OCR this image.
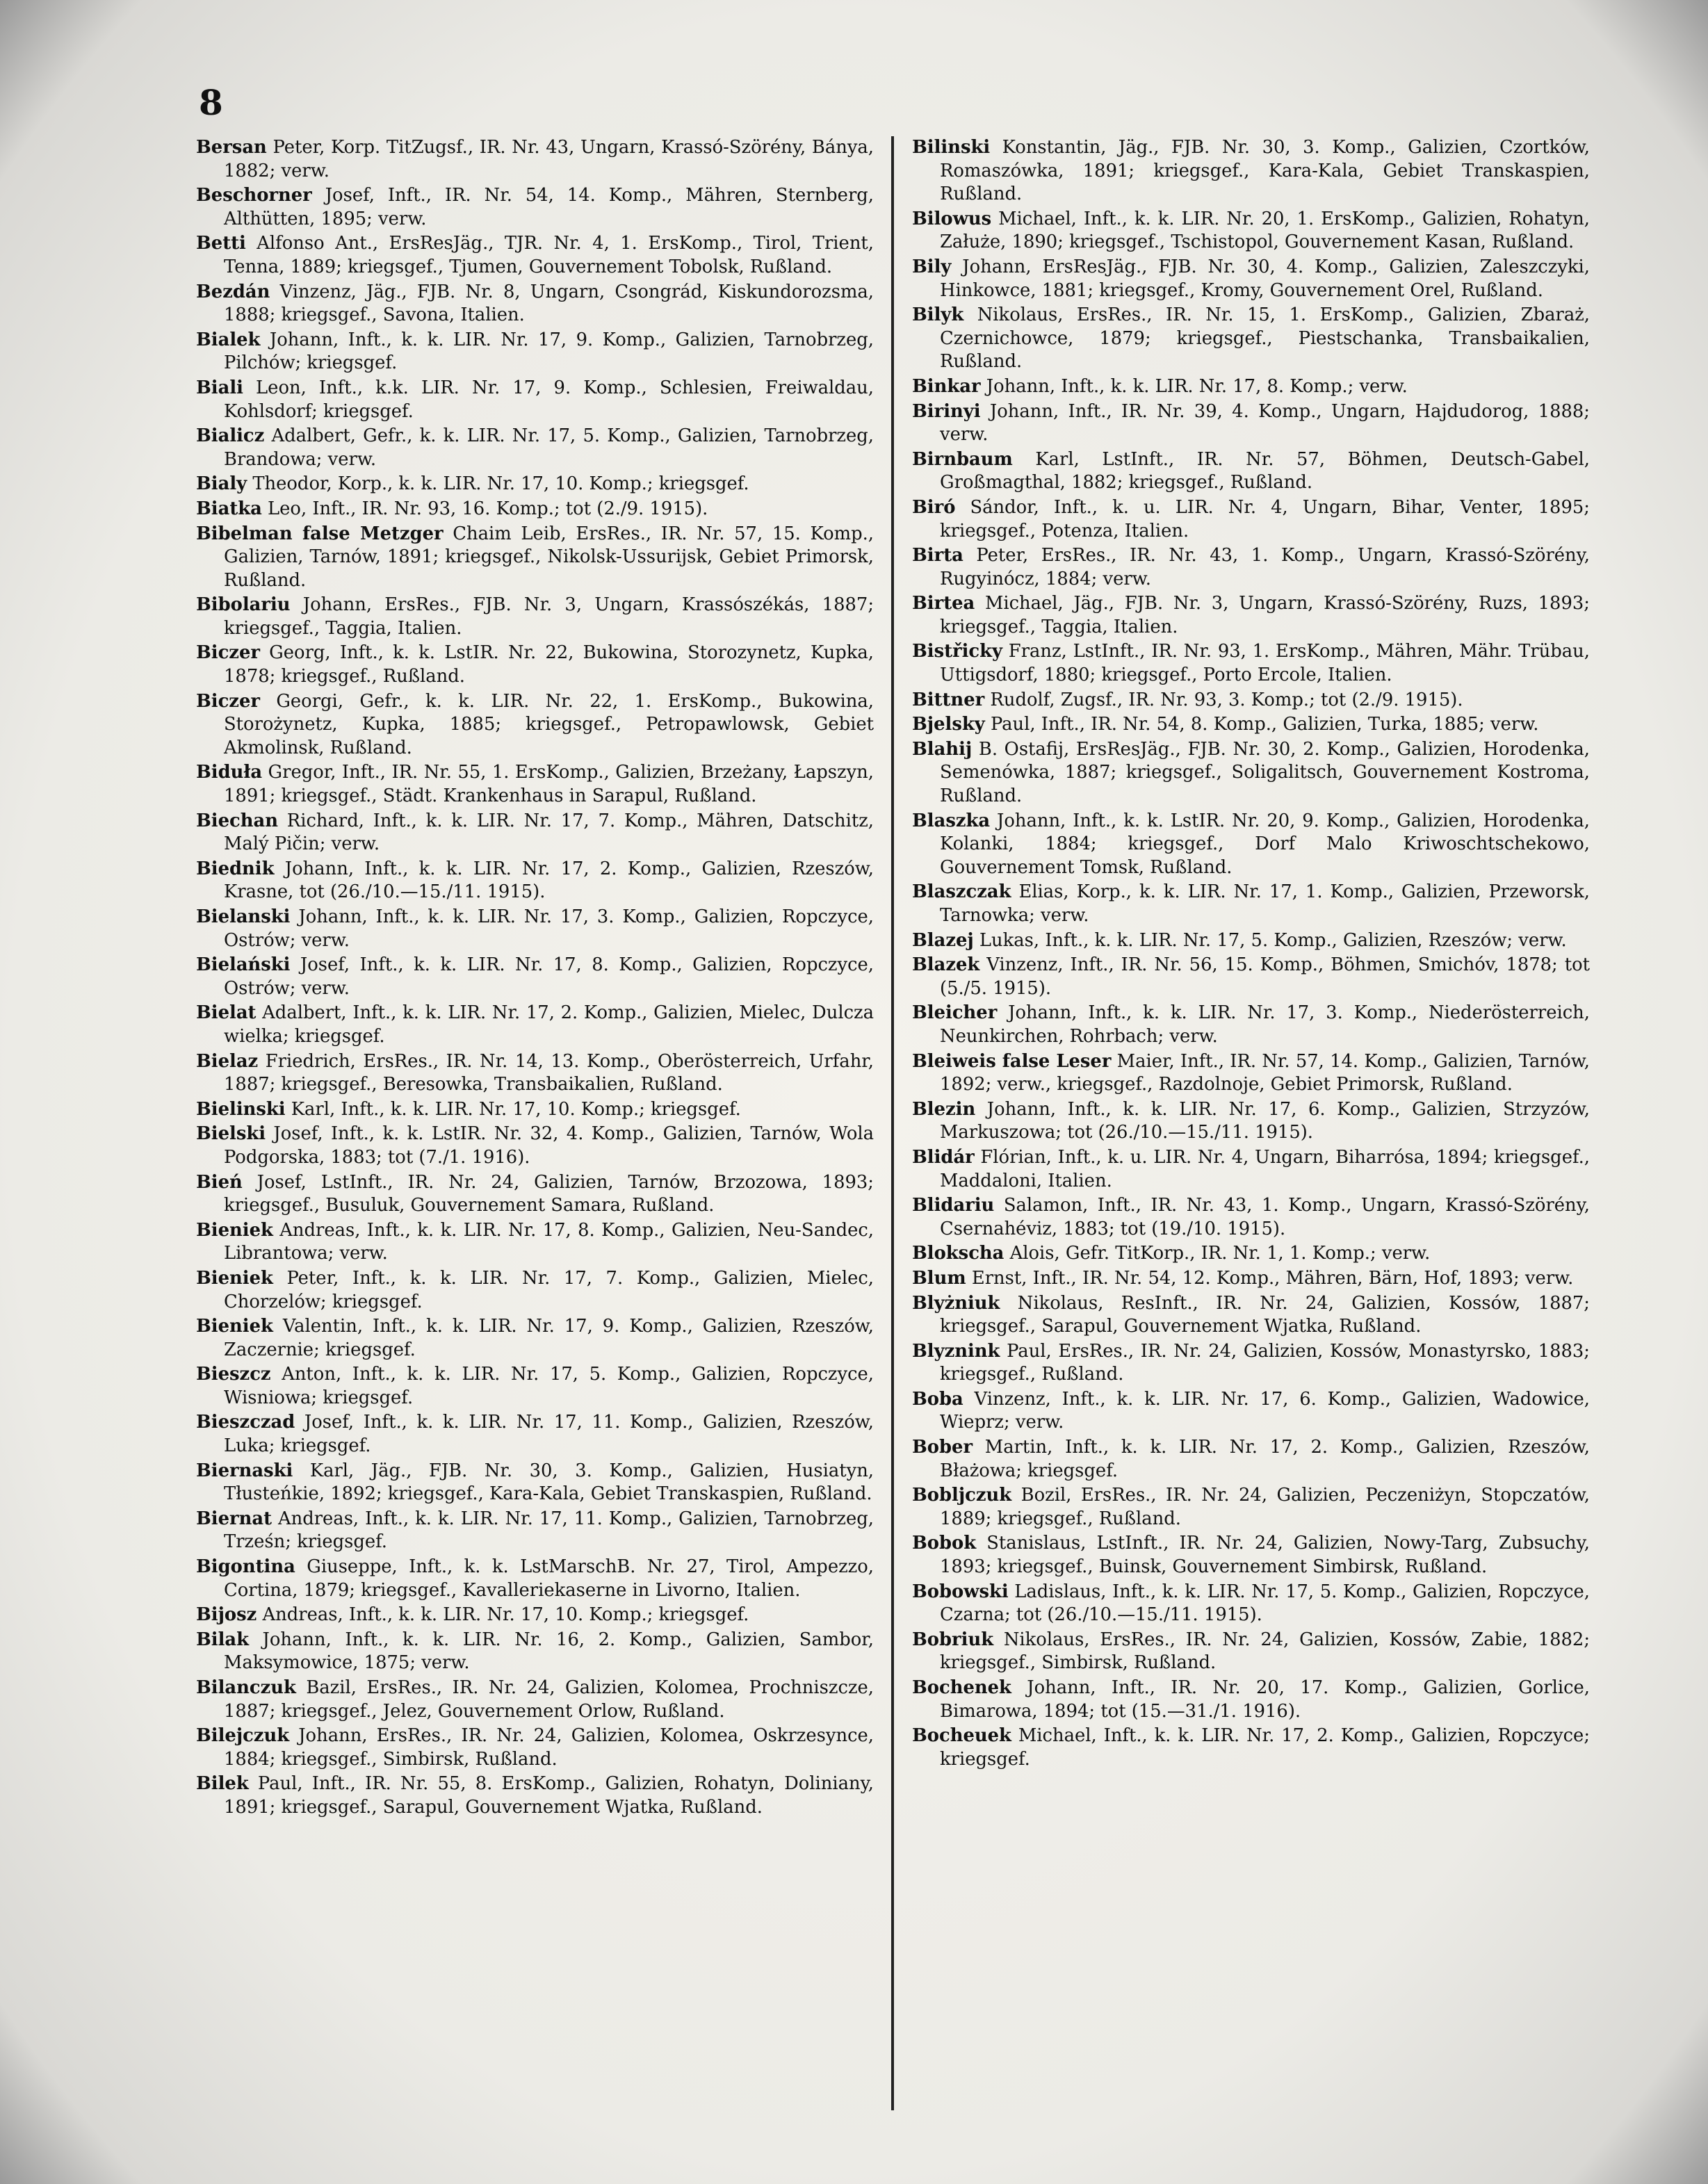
8

Bersan Peter, Korp. TitZugsf., IR. Nr. 43, Ungarn, Krassó-Szörény, Bánya, 1882; verw.

Beschorner Josef, Inft., IR. Nr. 54, 14. Komp., Mähren, Sternberg, Althütten, 1895; verw.

Betti Alfonso Ant., ErsResJäg., TJR. Nr. 4, 1. ErsKomp., Tirol, Trient, Tenna, 1889; kriegsgef., Tjumen, Gouvernement Tobolsk, Rußland.

Bezdán Vinzenz, Jäg., FJB. Nr. 8, Ungarn, Csongrád, Kiskundorozsma, 1888; kriegsgef., Savona, Italien.

Bialek Johann, Inft., k. k. LIR. Nr. 17, 9. Komp., Galizien, Tarnobrzeg, Pilchów; kriegsgef.

Biali Leon, Inft., k.k. LIR. Nr. 17, 9. Komp., Schlesien, Freiwaldau, Kohlsdorf; kriegsgef.

Bialicz Adalbert, Gefr., k. k. LIR. Nr. 17, 5. Komp., Galizien, Tarnobrzeg, Brandowa; verw.

Bialy Theodor, Korp., k. k. LIR. Nr. 17, 10. Komp.; kriegsgef.

Biatka Leo, Inft., IR. Nr. 93, 16. Komp.; tot (2./9. 1915).

Bibelman false Metzger Chaim Leib, ErsRes., IR. Nr. 57, 15. Komp., Galizien, Tarnów, 1891; kriegsgef., Nikolsk-Ussurijsk, Gebiet Primorsk, Rußland.

Bibolariu Johann, ErsRes., FJB. Nr. 3, Ungarn, Krassószékás, 1887; kriegsgef., Taggia, Italien.

Biczer Georg, Inft., k. k. LstIR. Nr. 22, Bukowina, Storozynetz, Kupka, 1878; kriegsgef., Rußland.

Biczer Georgi, Gefr., k. k. LIR. Nr. 22, 1. ErsKomp., Bukowina, Storożynetz, Kupka, 1885; kriegsgef., Petropawlowsk, Gebiet Akmolinsk, Rußland.

Biduła Gregor, Inft., IR. Nr. 55, 1. ErsKomp., Galizien, Brzeżany, Łapszyn, 1891; kriegsgef., Städt. Krankenhaus in Sarapul, Rußland.

Biechan Richard, Inft., k. k. LIR. Nr. 17, 7. Komp., Mähren, Datschitz, Malý Pičin; verw.

Biednik Johann, Inft., k. k. LIR. Nr. 17, 2. Komp., Galizien, Rzeszów, Krasne, tot (26./10.—15./11. 1915).

Bielanski Johann, Inft., k. k. LIR. Nr. 17, 3. Komp., Galizien, Ropczyce, Ostrów; verw.

Bielański Josef, Inft., k. k. LIR. Nr. 17, 8. Komp., Galizien, Ropczyce, Ostrów; verw.

Bielat Adalbert, Inft., k. k. LIR. Nr. 17, 2. Komp., Galizien, Mielec, Dulcza wielka; kriegsgef.

Bielaz Friedrich, ErsRes., IR. Nr. 14, 13. Komp., Oberösterreich, Urfahr, 1887; kriegsgef., Beresowka, Transbaikalien, Rußland.

Bielinski Karl, Inft., k. k. LIR. Nr. 17, 10. Komp.; kriegsgef.

Bielski Josef, Inft., k. k. LstIR. Nr. 32, 4. Komp., Galizien, Tarnów, Wola Podgorska, 1883; tot (7./1. 1916).

Bień Josef, LstInft., IR. Nr. 24, Galizien, Tarnów, Brzozowa, 1893; kriegsgef., Busuluk, Gouvernement Samara, Rußland.

Bieniek Andreas, Inft., k. k. LIR. Nr. 17, 8. Komp., Galizien, Neu-Sandec, Librantowa; verw.

Bieniek Peter, Inft., k. k. LIR. Nr. 17, 7. Komp., Galizien, Mielec, Chorzelów; kriegsgef.

Bieniek Valentin, Inft., k. k. LIR. Nr. 17, 9. Komp., Galizien, Rzeszów, Zaczernie; kriegsgef.

Bieszcz Anton, Inft., k. k. LIR. Nr. 17, 5. Komp., Galizien, Ropczyce, Wisniowa; kriegsgef.

Bieszczad Josef, Inft., k. k. LIR. Nr. 17, 11. Komp., Galizien, Rzeszów, Luka; kriegsgef.

Biernaski Karl, Jäg., FJB. Nr. 30, 3. Komp., Galizien, Husiatyn, Tłusteńkie, 1892; kriegsgef., Kara-Kala, Gebiet Transkaspien, Rußland.

Biernat Andreas, Inft., k. k. LIR. Nr. 17, 11. Komp., Galizien, Tarnobrzeg, Trześn; kriegsgef.

Bigontina Giuseppe, Inft., k. k. LstMarschB. Nr. 27, Tirol, Ampezzo, Cortina, 1879; kriegsgef., Kavalleriekaserne in Livorno, Italien.

Bijosz Andreas, Inft., k. k. LIR. Nr. 17, 10. Komp.; kriegsgef.

Bilak Johann, Inft., k. k. LIR. Nr. 16, 2. Komp., Galizien, Sambor, Maksymowice, 1875; verw.

Bilanczuk Bazil, ErsRes., IR. Nr. 24, Galizien, Kolomea, Prochniszcze, 1887; kriegsgef., Jelez, Gouvernement Orlow, Rußland.

Bilejczuk Johann, ErsRes., IR. Nr. 24, Galizien, Kolomea, Oskrzesynce, 1884; kriegsgef., Simbirsk, Rußland.

Bilek Paul, Inft., IR. Nr. 55, 8. ErsKomp., Galizien, Rohatyn, Doliniany, 1891; kriegsgef., Sarapul, Gouvernement Wjatka, Rußland.

Bilinski Konstantin, Jäg., FJB. Nr. 30, 3. Komp., Galizien, Czortków, Romaszówka, 1891; kriegsgef., Kara-Kala, Gebiet Transkaspien, Rußland.

Bilowus Michael, Inft., k. k. LIR. Nr. 20, 1. ErsKomp., Galizien, Rohatyn, Załuże, 1890; kriegsgef., Tschistopol, Gouvernement Kasan, Rußland.

Bily Johann, ErsResJäg., FJB. Nr. 30, 4. Komp., Galizien, Zaleszczyki, Hinkowce, 1881; kriegsgef., Kromy, Gouvernement Orel, Rußland.

Bilyk Nikolaus, ErsRes., IR. Nr. 15, 1. ErsKomp., Galizien, Zbaraż, Czernichowce, 1879; kriegsgef., Piestschanka, Transbaikalien, Rußland.

Binkar Johann, Inft., k. k. LIR. Nr. 17, 8. Komp.; verw.

Birinyi Johann, Inft., IR. Nr. 39, 4. Komp., Ungarn, Hajdudorog, 1888; verw.

Birnbaum Karl, LstInft., IR. Nr. 57, Böhmen, Deutsch-Gabel, Großmagthal, 1882; kriegsgef., Rußland.

Biró Sándor, Inft., k. u. LIR. Nr. 4, Ungarn, Bihar, Venter, 1895; kriegsgef., Potenza, Italien.

Birta Peter, ErsRes., IR. Nr. 43, 1. Komp., Ungarn, Krassó-Szörény, Rugyinócz, 1884; verw.

Birtea Michael, Jäg., FJB. Nr. 3, Ungarn, Krassó-Szörény, Ruzs, 1893; kriegsgef., Taggia, Italien.

Bistřicky Franz, LstInft., IR. Nr. 93, 1. ErsKomp., Mähren, Mähr. Trübau, Uttigsdorf, 1880; kriegsgef., Porto Ercole, Italien.

Bittner Rudolf, Zugsf., IR. Nr. 93, 3. Komp.; tot (2./9. 1915).

Bjelsky Paul, Inft., IR. Nr. 54, 8. Komp., Galizien, Turka, 1885; verw.

Blahij B. Ostafij, ErsResJäg., FJB. Nr. 30, 2. Komp., Galizien, Horodenka, Semenówka, 1887; kriegsgef., Soligalitsch, Gouvernement Kostroma, Rußland.

Blaszka Johann, Inft., k. k. LstIR. Nr. 20, 9. Komp., Galizien, Horodenka, Kolanki, 1884; kriegsgef., Dorf Malo Kriwoschtschekowo, Gouvernement Tomsk, Rußland.

Blaszczak Elias, Korp., k. k. LIR. Nr. 17, 1. Komp., Galizien, Przeworsk, Tarnowka; verw.

Blazej Lukas, Inft., k. k. LIR. Nr. 17, 5. Komp., Galizien, Rzeszów; verw.

Blazek Vinzenz, Inft., IR. Nr. 56, 15. Komp., Böhmen, Smichóv, 1878; tot (5./5. 1915).

Bleicher Johann, Inft., k. k. LIR. Nr. 17, 3. Komp., Niederösterreich, Neunkirchen, Rohrbach; verw.

Bleiweis false Leser Maier, Inft., IR. Nr. 57, 14. Komp., Galizien, Tarnów, 1892; verw., kriegsgef., Razdolnoje, Gebiet Primorsk, Rußland.

Blezin Johann, Inft., k. k. LIR. Nr. 17, 6. Komp., Galizien, Strzyzów, Markuszowa; tot (26./10.—15./11. 1915).

Blidár Flórian, Inft., k. u. LIR. Nr. 4, Ungarn, Biharrósa, 1894; kriegsgef., Maddaloni, Italien.

Blidariu Salamon, Inft., IR. Nr. 43, 1. Komp., Ungarn, Krassó-Szörény, Csernahéviz, 1883; tot (19./10. 1915).

Blokscha Alois, Gefr. TitKorp., IR. Nr. 1, 1. Komp.; verw.

Blum Ernst, Inft., IR. Nr. 54, 12. Komp., Mähren, Bärn, Hof, 1893; verw.

Blyżniuk Nikolaus, ResInft., IR. Nr. 24, Galizien, Kossów, 1887; kriegsgef., Sarapul, Gouvernement Wjatka, Rußland.

Blyznink Paul, ErsRes., IR. Nr. 24, Galizien, Kossów, Monastyrsko, 1883; kriegsgef., Rußland.

Boba Vinzenz, Inft., k. k. LIR. Nr. 17, 6. Komp., Galizien, Wadowice, Wieprz; verw.

Bober Martin, Inft., k. k. LIR. Nr. 17, 2. Komp., Galizien, Rzeszów, Błażowa; kriegsgef.

Bobljczuk Bozil, ErsRes., IR. Nr. 24, Galizien, Peczeniżyn, Stopczatów, 1889; kriegsgef., Rußland.

Bobok Stanislaus, LstInft., IR. Nr. 24, Galizien, Nowy-Targ, Zubsuchy, 1893; kriegsgef., Buinsk, Gouvernement Simbirsk, Rußland.

Bobowski Ladislaus, Inft., k. k. LIR. Nr. 17, 5. Komp., Galizien, Ropczyce, Czarna; tot (26./10.—15./11. 1915).

Bobriuk Nikolaus, ErsRes., IR. Nr. 24, Galizien, Kossów, Zabie, 1882; kriegsgef., Simbirsk, Rußland.

Bochenek Johann, Inft., IR. Nr. 20, 17. Komp., Galizien, Gorlice, Bimarowa, 1894; tot (15.—31./1. 1916).

Bocheuek Michael, Inft., k. k. LIR. Nr. 17, 2. Komp., Galizien, Ropczyce; kriegsgef.
